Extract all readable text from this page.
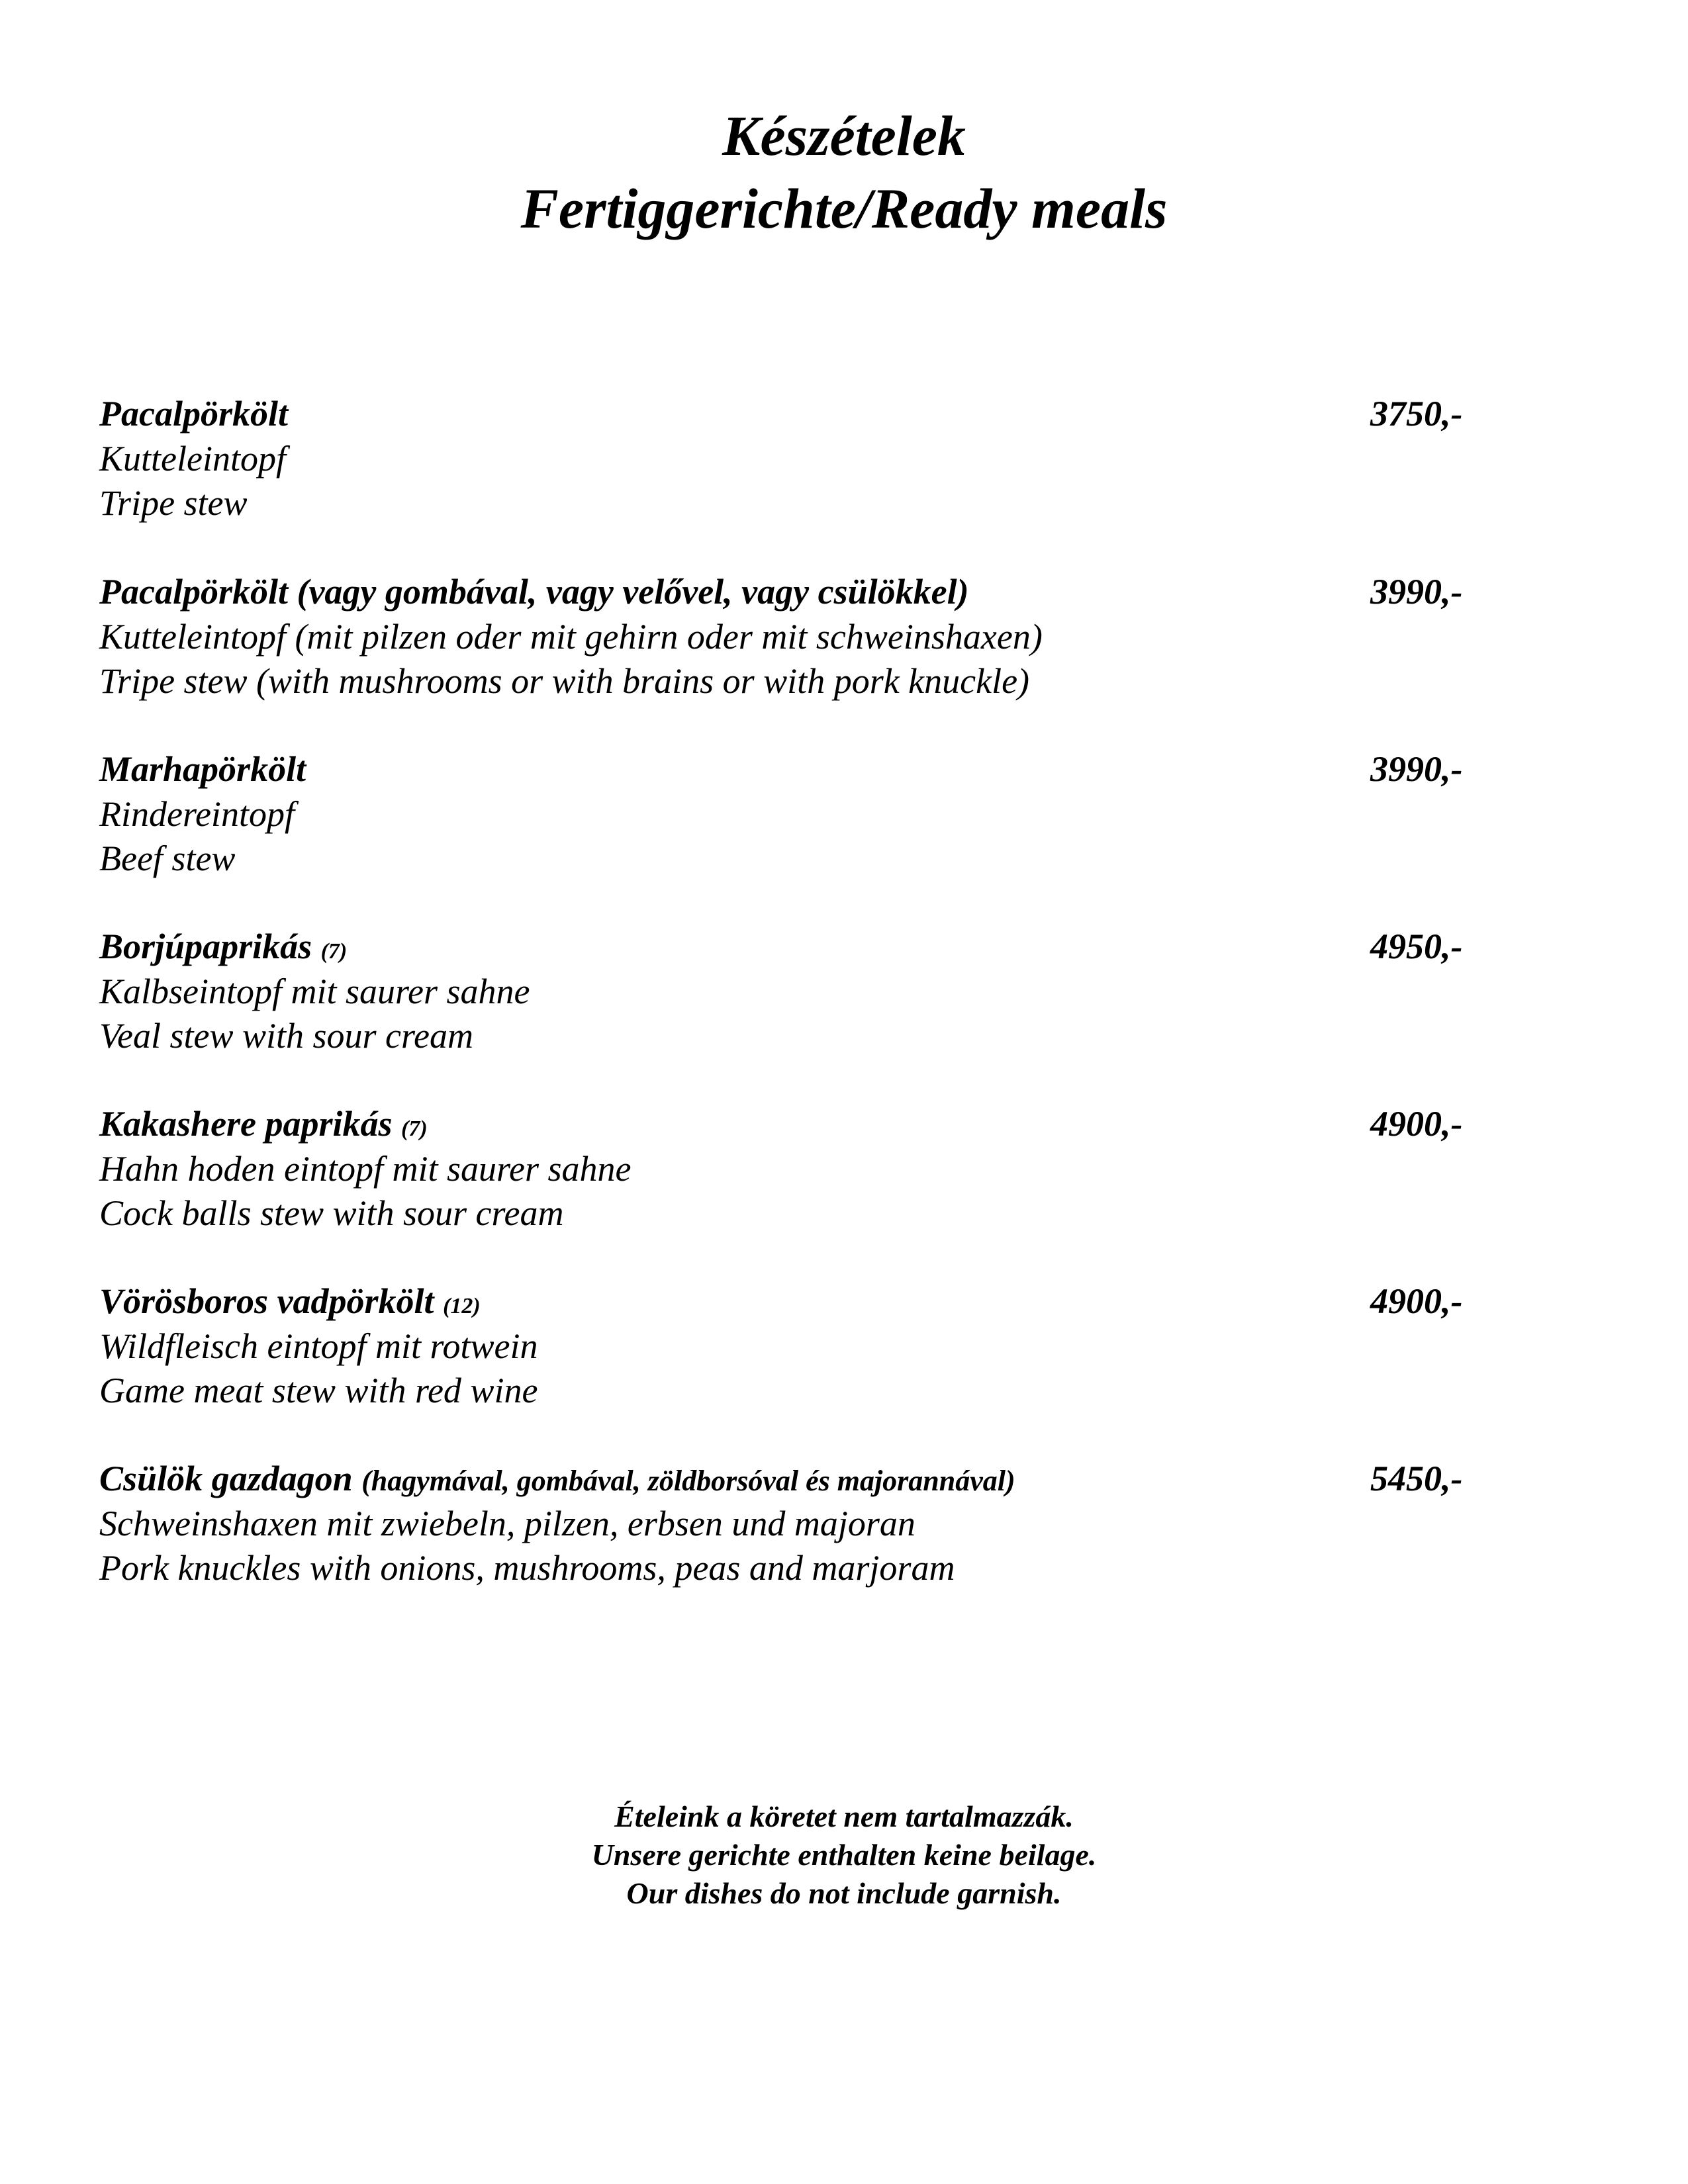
Készételek
Fertiggerichte/Ready meals
Pacalpörkölt	3750,-
Kutteleintopf
Tripe stew
Pacalpörkölt (vagy gombával, vagy velővel, vagy csülökkel)	3990,-
Kutteleintopf (mit pilzen oder mit gehirn oder mit schweinshaxen)
Tripe stew (with mushrooms or with brains or with pork knuckle)
Marhapörkölt	3990,-
Rindereintopf
Beef stew
Borjúpaprikás (7)	4950,-
Kalbseintopf mit saurer sahne
Veal stew with sour cream
Kakashere paprikás (7)	4900,-
Hahn hoden eintopf mit saurer sahne
Cock balls stew with sour cream
Vörösboros vadpörkölt (12)	4900,-
Wildfleisch eintopf mit rotwein
Game meat stew with red wine
Csülök gazdagon (hagymával, gombával, zöldborsóval és majorannával)	5450,-
Schweinshaxen mit zwiebeln, pilzen, erbsen und majoran
Pork knuckles with onions, mushrooms, peas and marjoram

Ételeink a köretet nem tartalmazzák.

Unsere gerichte enthalten keine beilage.

Our dishes do not include garnish.
